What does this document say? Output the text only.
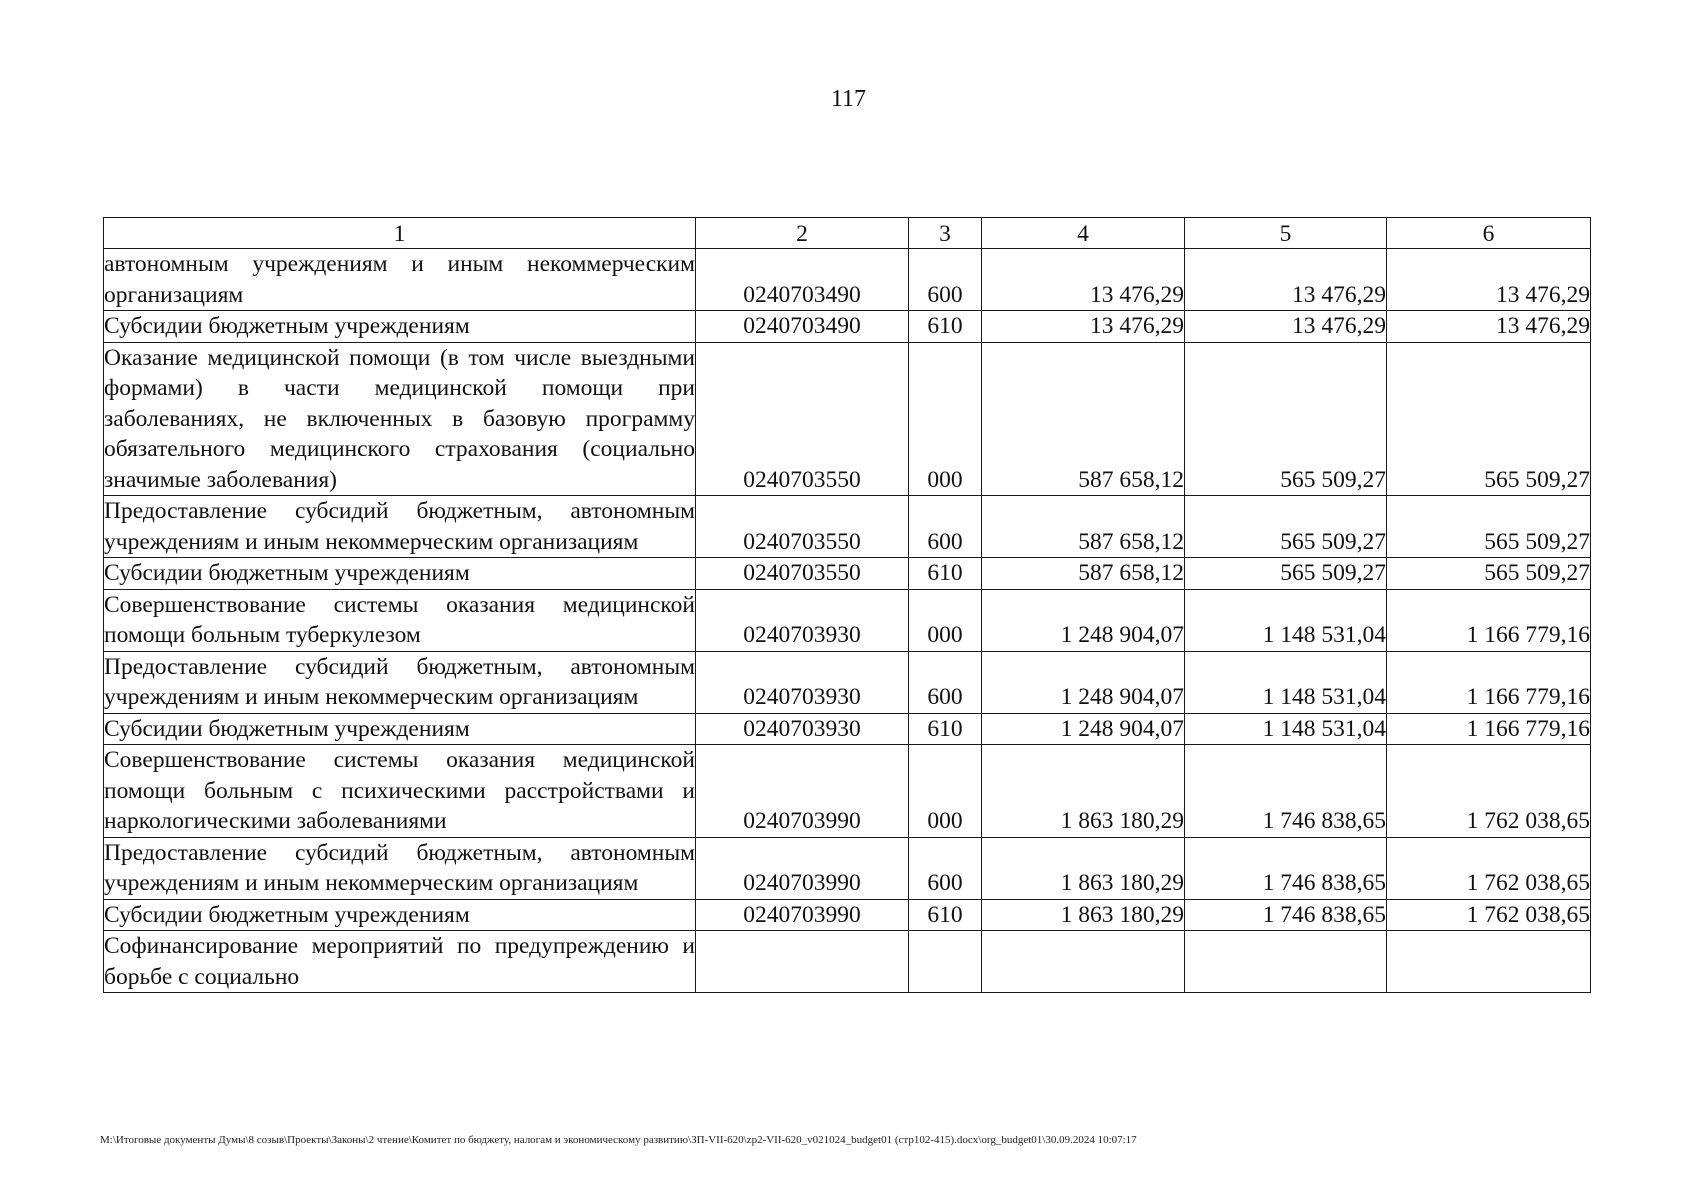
117
1	2	3	4	5	6
автономным учреждениям и иным некоммерческим организациям	0240703490	600	13 476,29	13 476,29	13 476,29
Субсидии бюджетным учреждениям	0240703490	610	13 476,29	13 476,29	13 476,29
Оказание медицинской помощи (в том числе выездными формами) в части медицинской помощи при заболеваниях, не включенных в базовую программу обязательного медицинского страхования (социально значимые заболевания)	0240703550	000	587 658,12	565 509,27	565 509,27
Предоставление субсидий бюджетным, автономным учреждениям и иным некоммерческим организациям	0240703550	600	587 658,12	565 509,27	565 509,27
Субсидии бюджетным учреждениям	0240703550	610	587 658,12	565 509,27	565 509,27
Совершенствование системы оказания медицинской помощи больным туберкулезом	0240703930	000	1 248 904,07	1 148 531,04	1 166 779,16
Предоставление субсидий бюджетным, автономным учреждениям и иным некоммерческим организациям	0240703930	600	1 248 904,07	1 148 531,04	1 166 779,16
Субсидии бюджетным учреждениям	0240703930	610	1 248 904,07	1 148 531,04	1 166 779,16
Совершенствование системы оказания медицинской помощи больным с психическими расстройствами и наркологическими заболеваниями	0240703990	000	1 863 180,29	1 746 838,65	1 762 038,65
Предоставление субсидий бюджетным, автономным учреждениям и иным некоммерческим организациям	0240703990	600	1 863 180,29	1 746 838,65	1 762 038,65
Субсидии бюджетным учреждениям	0240703990	610	1 863 180,29	1 746 838,65	1 762 038,65
Софинансирование мероприятий по предупреждению и борьбе с социально					
M:\Итоговые документы Думы\8 созыв\Проекты\Законы\2 чтение\Комитет по бюджету, налогам и экономическому развитию\ЗП-VII-620\zp2-VII-620_v021024_budget01 (стр102-415).docx\org_budget01\30.09.2024 10:07:17
